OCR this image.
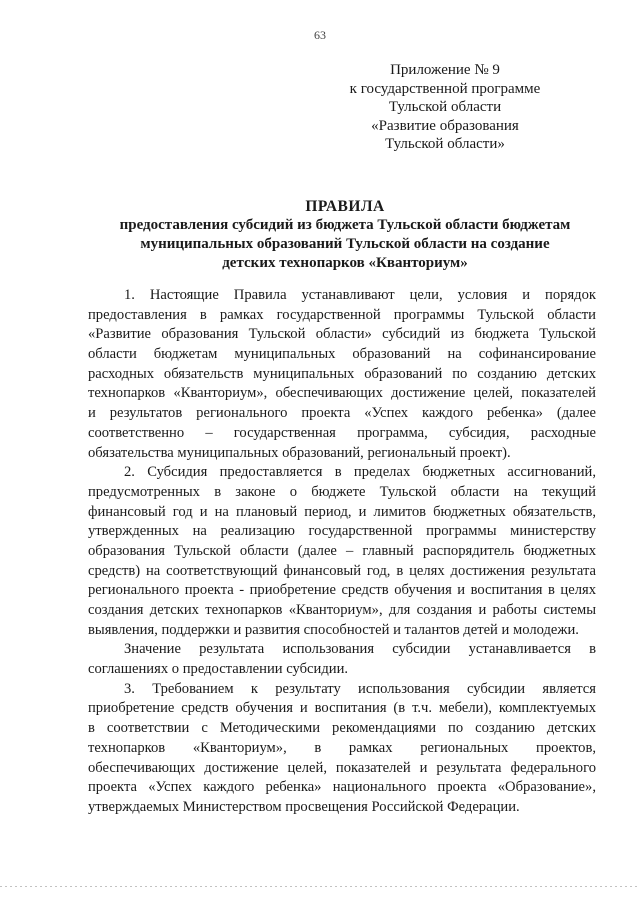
63
Приложение № 9
к государственной программе
Тульской области
«Развитие образования
Тульской области»
ПРАВИЛА
предоставления субсидий из бюджета Тульской области бюджетам
муниципальных образований Тульской области на создание
детских технопарков «Кванториум»
1. Настоящие Правила устанавливают цели, условия и порядок
предоставления в рамках государственной программы Тульской области
«Развитие образования Тульской области» субсидий из бюджета Тульской
области бюджетам муниципальных образований на софинансирование
расходных обязательств муниципальных образований по созданию детских
технопарков «Кванториум», обеспечивающих достижение целей, показателей
и результатов регионального проекта «Успех каждого ребенка» (далее
соответственно – государственная программа, субсидия, расходные
обязательства муниципальных образований, региональный проект).
2. Субсидия предоставляется в пределах бюджетных ассигнований,
предусмотренных в законе о бюджете Тульской области на текущий
финансовый год и на плановый период, и лимитов бюджетных обязательств,
утвержденных на реализацию государственной программы министерству
образования Тульской области (далее – главный распорядитель бюджетных
средств) на соответствующий финансовый год, в целях достижения результата
регионального проекта - приобретение средств обучения и воспитания в целях
создания детских технопарков «Кванториум», для создания и работы системы
выявления, поддержки и развития способностей и талантов детей и молодежи.
Значение результата использования субсидии устанавливается в
соглашениях о предоставлении субсидии.
3. Требованием к результату использования субсидии является
приобретение средств обучения и воспитания (в т.ч. мебели), комплектуемых
в соответствии с Методическими рекомендациями по созданию детских
технопарков «Кванториум», в рамках региональных проектов,
обеспечивающих достижение целей, показателей и результата федерального
проекта «Успех каждого ребенка» национального проекта «Образование»,
утверждаемых Министерством просвещения Российской Федерации.
